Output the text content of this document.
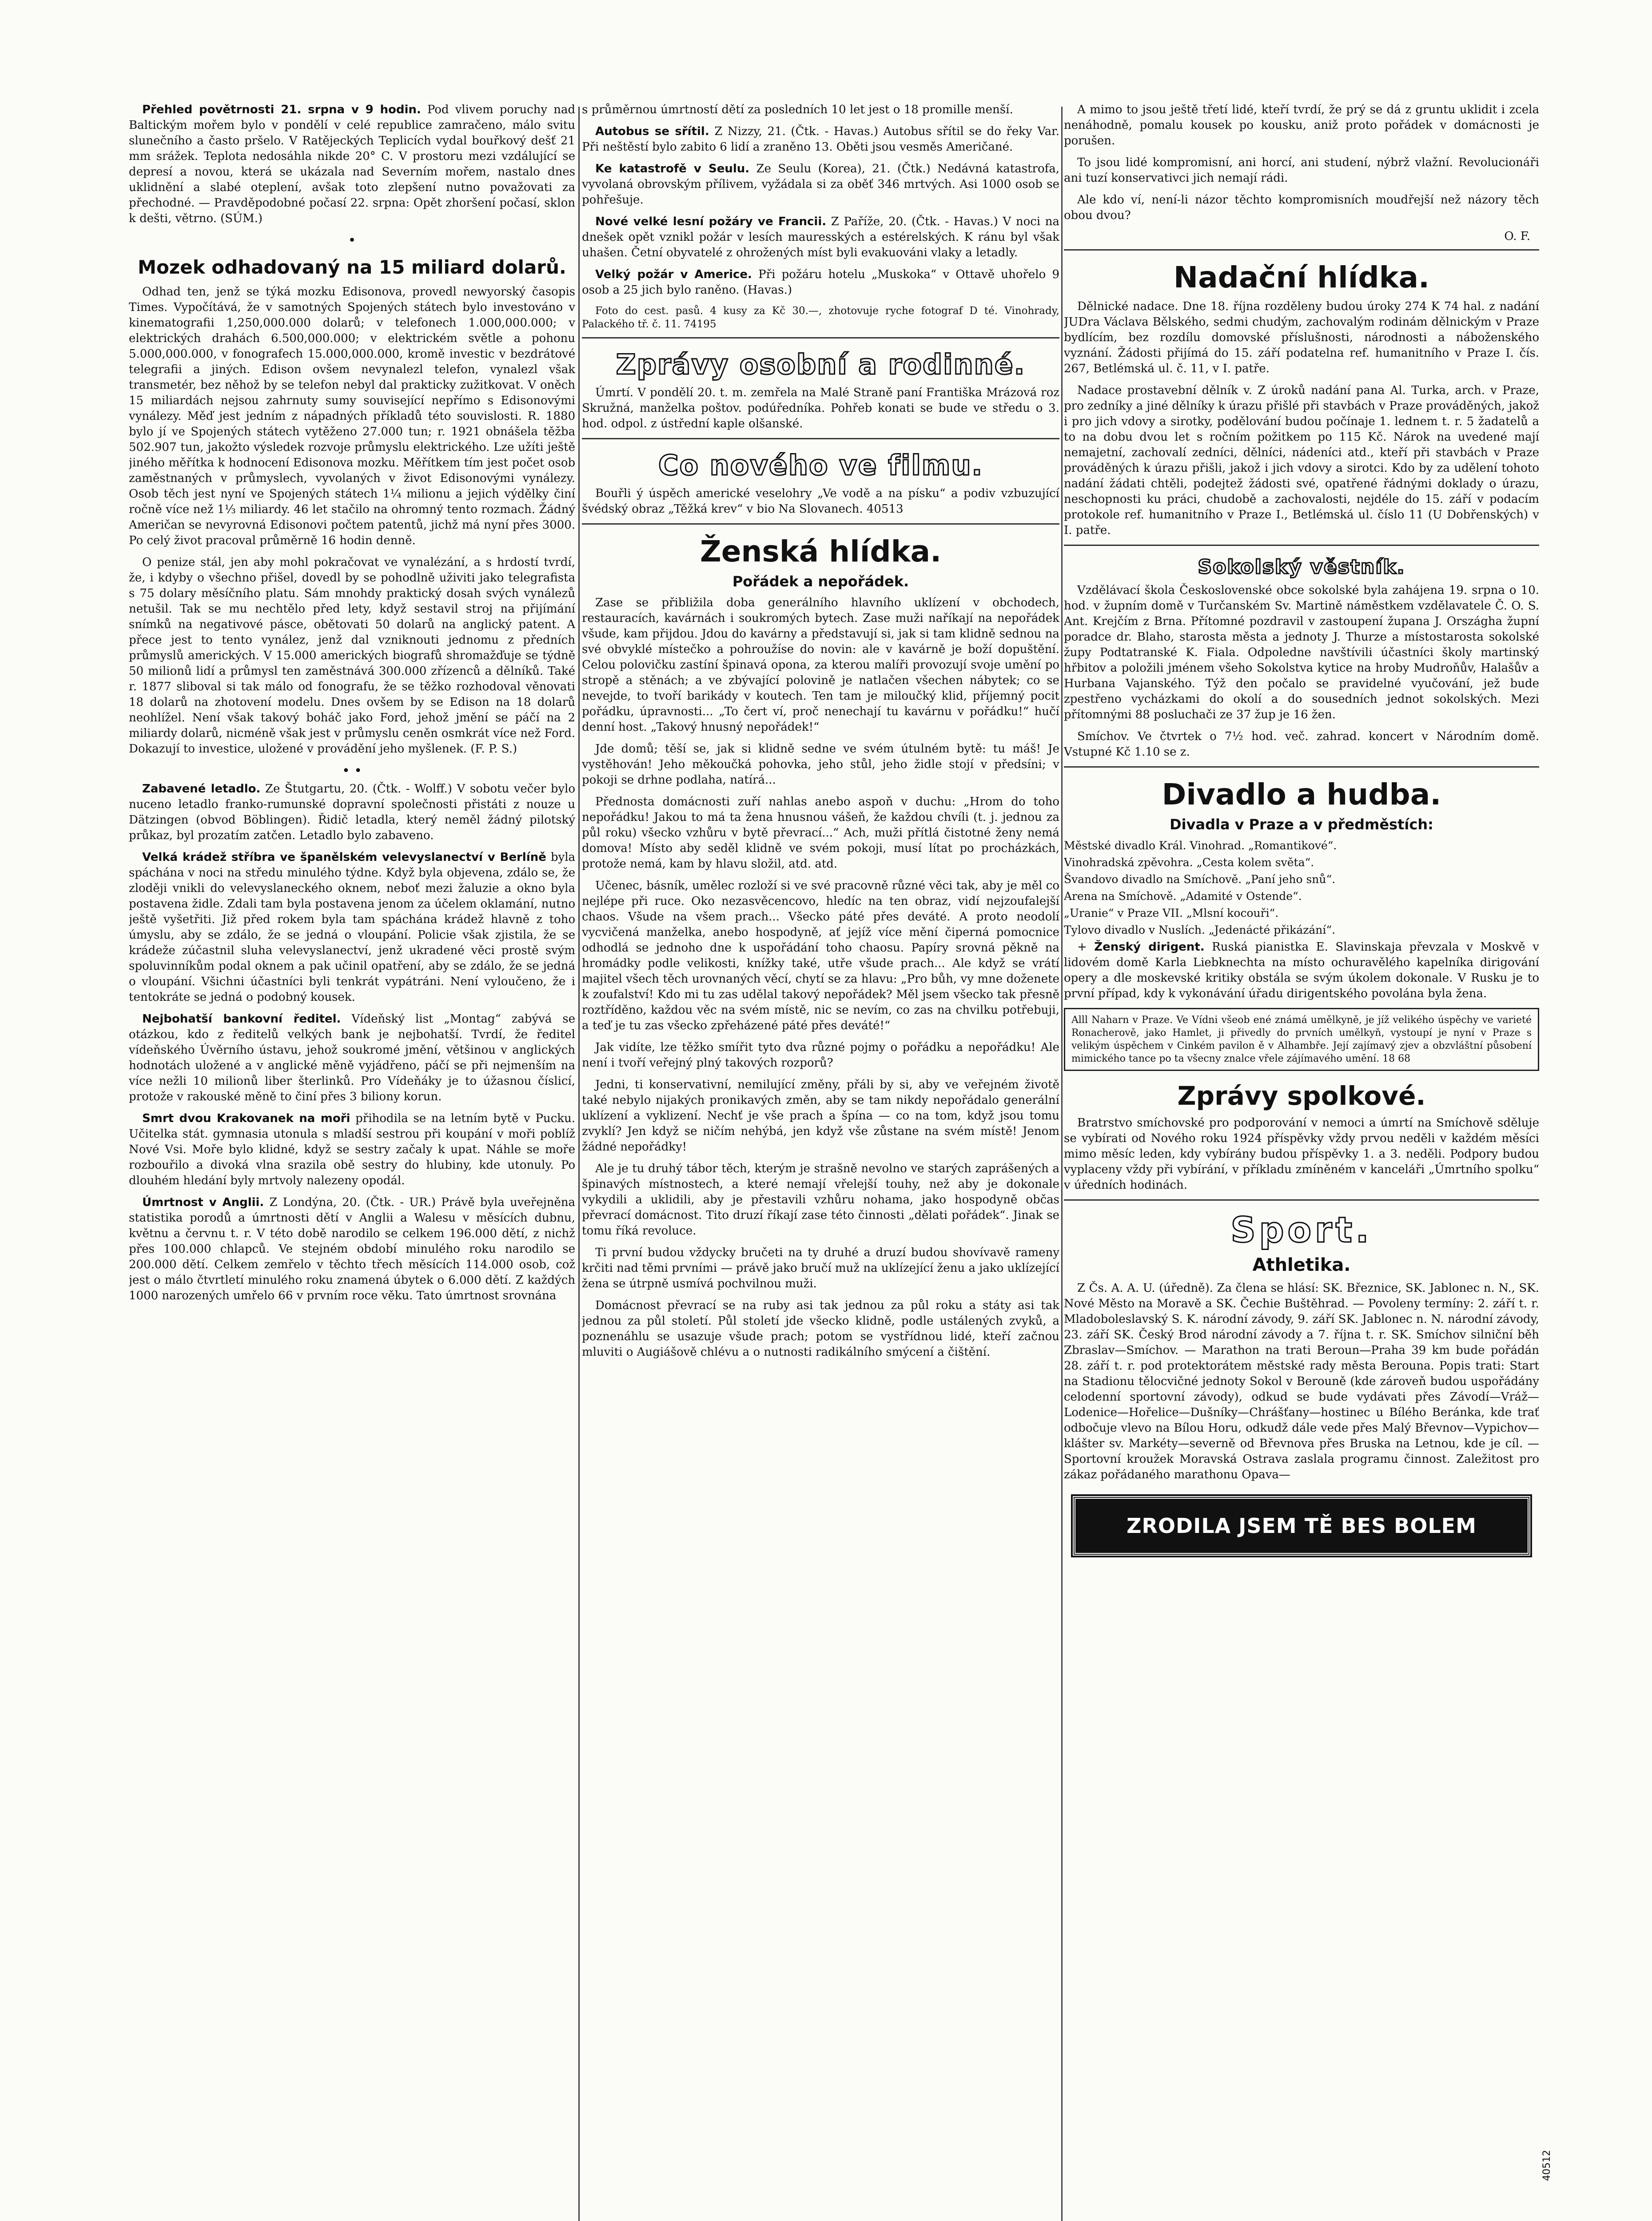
Přehled povětrnosti 21. srpna v 9 hodin. Pod vlivem poruchy nad Baltickým mořem bylo v pondělí v celé republice zamračeno, málo svitu slunečního a často pršelo. V Ratějeckých Teplicích vydal bouřkový dešť 21 mm srážek. Teplota nedosáhla nikde 20° C. V prostoru mezi vzdálující se depresí a novou, která se ukázala nad Severním mořem, nastalo dnes uklidnění a slabé oteplení, avšak toto zlepšení nutno považovati za přechodné. — Pravděpodobné počasí 22. srpna: Opět zhoršení počasí, sklon k dešti, větrno. (SÚM.)

•
Mozek odhadovaný na 15 miliard dolarů.

Odhad ten, jenž se týká mozku Edisonova, provedl newyorský časopis Times. Vypočítává, že v samotných Spojených státech bylo investováno v kinematografii 1,250,000.000 dolarů; v telefonech 1.000,000.000; v elektrických drahách 6.500,000.000; v elektrickém světle a pohonu 5.000,000.000, v fonografech 15.000,000.000, kromě investic v bezdrátové telegrafii a jiných. Edison ovšem nevynalezl telefon, vynalezl však transmetér, bez něhož by se telefon nebyl dal prakticky zužitkovat. V oněch 15 miliardách nejsou zahrnuty sumy související nepřímo s Edisonovými vynálezy. Měď jest jedním z nápadných příkladů této souvislosti. R. 1880 bylo jí ve Spojených státech vytěženo 27.000 tun; r. 1921 obnášela těžba 502.907 tun, jakožto výsledek rozvoje průmyslu elektrického. Lze užíti ještě jiného měřítka k hodnocení Edisonova mozku. Měřítkem tím jest počet osob zaměstnaných v průmyslech, vyvolaných v život Edisonovými vynálezy. Osob těch jest nyní ve Spojených státech 1¼ milionu a jejich výdělky činí ročně více než 1⅓ miliardy. 46 let stačilo na ohromný tento rozmach. Žádný Američan se nevyrovná Edisonovi počtem patentů, jichž má nyní přes 3000. Po celý život pracoval průměrně 16 hodin denně.

O penize stál, jen aby mohl pokračovat ve vynalézání, a s hrdostí tvrdí, že, i kdyby o všechno přišel, dovedl by se pohodlně uživiti jako telegrafista s 75 dolary měsíčního platu. Sám mnohdy praktický dosah svých vynálezů netušil. Tak se mu nechtělo před lety, když sestavil stroj na přijímání snímků na negativové pásce, obětovati 50 dolarů na anglický patent. A přece jest to tento vynález, jenž dal vzniknouti jednomu z předních průmyslů amerických. V 15.000 amerických biografů shromažďuje se týdně 50 milionů lidí a průmysl ten zaměstnává 300.000 zřízenců a dělníků. Také r. 1877 sliboval si tak málo od fonografu, že se těžko rozhodoval věnovati 18 dolarů na zhotovení modelu. Dnes ovšem by se Edison na 18 dolarů neohlížel. Není však takový boháč jako Ford, jehož jmění se páčí na 2 miliardy dolarů, nicméně však jest v průmyslu ceněn osmkrát více než Ford. Dokazují to investice, uložené v provádění jeho myšlenek. (F. P. S.)

• •

Zabavené letadlo. Ze Štutgartu, 20. (Čtk. - Wolff.) V sobotu večer bylo nuceno letadlo franko-rumunské dopravní společnosti přistáti z nouze u Dätzingen (obvod Böblingen). Řidič letadla, který neměl žádný pilotský průkaz, byl prozatím zatčen. Letadlo bylo zabaveno.

Velká krádež stříbra ve španělském velevyslanectví v Berlíně byla spáchána v noci na středu minulého týdne. Když byla objevena, zdálo se, že zloději vnikli do velevyslaneckého oknem, neboť mezi žaluzie a okno byla postavena židle. Zdali tam byla postavena jenom za účelem oklamání, nutno ještě vyšetřiti. Již před rokem byla tam spáchána krádež hlavně z toho úmyslu, aby se zdálo, že se jedná o vloupání. Policie však zjistila, že se krádeže zúčastnil sluha velevyslanectví, jenž ukradené věci prostě svým spoluvinníkům podal oknem a pak učinil opatření, aby se zdálo, že se jedná o vloupání. Všichni účastníci byli tenkrát vypátráni. Není vyloučeno, že i tentokráte se jedná o podobný kousek.

Nejbohatší bankovní ředitel. Vídeňský list „Montag“ zabývá se otázkou, kdo z ředitelů velkých bank je nejbohatší. Tvrdí, že ředitel vídeňského Úvěrního ústavu, jehož soukromé jmění, většinou v anglických hodnotách uložené a v anglické měně vyjádřeno, páčí se při nejmenším na více nežli 10 milionů liber šterlinků. Pro Vídeňáky je to úžasnou číslicí, protože v rakouské měně to činí přes 3 biliony korun.

Smrt dvou Krakovanek na moři přihodila se na letním bytě v Pucku. Učitelka stát. gymnasia utonula s mladší sestrou při koupání v moři poblíž Nové Vsi. Moře bylo klidné, když se sestry začaly k upat. Náhle se moře rozbouřilo a divoká vlna srazila obě sestry do hlubiny, kde utonuly. Po dlouhém hledání byly mrtvoly nalezeny opodál.

Úmrtnost v Anglii. Z Londýna, 20. (Čtk. - UR.) Právě byla uveřejněna statistika porodů a úmrtnosti dětí v Anglii a Walesu v měsících dubnu, květnu a červnu t. r. V této době narodilo se celkem 196.000 dětí, z nichž přes 100.000 chlapců. Ve stejném období minulého roku narodilo se 200.000 dětí. Celkem zemřelo v těchto třech měsících 114.000 osob, což jest o málo čtvrtletí minulého roku znamená úbytek o 6.000 dětí. Z každých 1000 narozených umřelo 66 v prvním roce věku. Tato úmrtnost srovnána

s průměrnou úmrtností dětí za posledních 10 let jest o 18 promille menší.

Autobus se sřítil. Z Nizzy, 21. (Čtk. - Havas.) Autobus sřítil se do řeky Var. Při neštěstí bylo zabito 6 lidí a zraněno 13. Oběti jsou vesměs Američané.

Ke katastrofě v Seulu. Ze Seulu (Korea), 21. (Čtk.) Nedávná katastrofa, vyvolaná obrovským přílivem, vyžádala si za oběť 346 mrtvých. Asi 1000 osob se pohřešuje.

Nové velké lesní požáry ve Francii. Z Paříže, 20. (Čtk. - Havas.) V noci na dnešek opět vznikl požár v lesích mauresských a estérelských. K ránu byl však uhašen. Četní obyvatelé z ohrožených míst byli evakuováni vlaky a letadly.

Velký požár v Americe. Při požáru hotelu „Muskoka“ v Ottavě uhořelo 9 osob a 25 jich bylo raněno. (Havas.)

Foto do cest. pasů. 4 kusy za Kč 30.—, zhotovuje ryche fotograf D té. Vinohrady, Palackého tř. č. 11. 74195

Zprávy osobní a rodinné.

Úmrtí. V pondělí 20. t. m. zemřela na Malé Straně paní Františka Mrázová roz Skružná, manželka poštov. podúředníka. Pohřeb konati se bude ve středu o 3. hod. odpol. z ústřední kaple olšanské.

Co nového ve filmu.

Bouřli ý úspěch americké veselohry „Ve vodě a na písku“ a podiv vzbuzující švédský obraz „Těžká krev“ v bio Na Slovanech. 40513

Ženská hlídka.
Pořádek a nepořádek.

Zase se přibližila doba generálního hlavního uklízení v obchodech, restauracích, kavárnách i soukromých bytech. Zase muži naříkají na nepořádek všude, kam přijdou. Jdou do kavárny a představují si, jak si tam klidně sednou na své obvyklé místečko a pohroužíse do novin: ale v kavárně je boží dopuštění. Celou polovičku zastíní špinavá opona, za kterou malíři provozují svoje umění po stropě a stěnách; a ve zbývající polovině je natlačen všechen nábytek; co se nevejde, to tvoří barikády v koutech. Ten tam je miloučký klid, příjemný pocit pořádku, úpravnosti... „To čert ví, proč nenechají tu kavárnu v pořádku!“ hučí denní host. „Takový hnusný nepořádek!“

Jde domů; těší se, jak si klidně sedne ve svém útulném bytě: tu máš! Je vystěhován! Jeho měkoučká pohovka, jeho stůl, jeho židle stojí v předsíni; v pokoji se drhne podlaha, natírá...

Přednosta domácnosti zuří nahlas anebo aspoň v duchu: „Hrom do toho nepořádku! Jakou to má ta žena hnusnou vášeň, že každou chvíli (t. j. jednou za půl roku) všecko vzhůru v bytě převrací...“ Ach, muži přítlá čistotné ženy nemá domova! Místo aby seděl klidně ve svém pokoji, musí lítat po procházkách, protože nemá, kam by hlavu složil, atd. atd.

Učenec, básník, umělec rozloží si ve své pracovně různé věci tak, aby je měl co nejlépe při ruce. Oko nezasvěcencovo, hledíc na ten obraz, vidí nejzoufalejší chaos. Všude na všem prach... Všecko páté přes deváté. A proto neodolí vycvičená manželka, anebo hospodyně, ať jejíž více mění čiperná pomocnice odhodlá se jednoho dne k uspořádání toho chaosu. Papíry srovná pěkně na hromádky podle velikosti, knížky také, utře všude prach... Ale když se vrátí majitel všech těch urovnaných věcí, chytí se za hlavu: „Pro bůh, vy mne doženete k zoufalství! Kdo mi tu zas udělal takový nepořádek? Měl jsem všecko tak přesně roztříděno, každou věc na svém místě, nic se nevím, co zas na chvilku potřebuji, a teď je tu zas všecko zpřeházené páté přes deváté!“

Jak vidíte, lze těžko smířit tyto dva různé pojmy o pořádku a nepořádku! Ale není i tvoří veřejný plný takových rozporů?

Jedni, ti konservativní, nemilující změny, přáli by si, aby ve veřejném životě také nebylo nijakých pronikavých změn, aby se tam nikdy nepořádalo generální uklízení a vyklizení. Nechť je vše prach a špína — co na tom, když jsou tomu zvyklí? Jen když se ničím nehýbá, jen když vše zůstane na svém místě! Jenom žádné nepořádky!

Ale je tu druhý tábor těch, kterým je strašně nevolno ve starých zaprášených a špinavých místnostech, a které nemají vřelejší touhy, než aby je dokonale vykydili a uklidili, aby je přestavili vzhůru nohama, jako hospodyně občas převrací domácnost. Tito druzí říkají zase této činnosti „dělati pořádek“. Jinak se tomu říká revoluce.

Ti první budou vždycky bručeti na ty druhé a druzí budou shovívavě rameny krčiti nad těmi prvními — právě jako bručí muž na uklízející ženu a jako uklízející žena se útrpně usmívá pochvilnou muži.

Domácnost převrací se na ruby asi tak jednou za půl roku a státy asi tak jednou za půl století. Půl století jde všecko klidně, podle ustálených zvyků, a poznenáhlu se usazuje všude prach; potom se vystřídnou lidé, kteří začnou mluviti o Augiášově chlévu a o nutnosti radikálního smýcení a čištění.

A mimo to jsou ještě třetí lidé, kteří tvrdí, že prý se dá z gruntu uklidit i zcela nenáhodně, pomalu kousek po kousku, aniž proto pořádek v domácnosti je porušen.

To jsou lidé kompromisní, ani horcí, ani studení, nýbrž vlažní. Revolucionáři ani tuzí konservativci jich nemají rádi.

Ale kdo ví, není-li názor těchto kompromisních moudřejší než názory těch obou dvou?

O. F.
Nadační hlídka.

Dělnické nadace. Dne 18. října rozděleny budou úroky 274 K 74 hal. z nadání JUDra Václava Bělského, sedmi chudým, zachovalým rodinám dělnickým v Praze bydlícím, bez rozdílu domovské příslušnosti, národnosti a náboženského vyznání. Žádosti přijímá do 15. září podatelna ref. humanitního v Praze I. čís. 267, Betlémská ul. č. 11, v I. patře.

Nadace prostavební dělník v. Z úroků nadání pana Al. Turka, arch. v Praze, pro zedníky a jiné dělníky k úrazu přišlé při stavbách v Praze prováděných, jakož i pro jich vdovy a sirotky, podělování budou počínaje 1. lednem t. r. 5 žadatelů a to na dobu dvou let s ročním požitkem po 115 Kč. Nárok na uvedené mají nemajetní, zachovalí zedníci, dělníci, nádeníci atd., kteří při stavbách v Praze prováděných k úrazu přišli, jakož i jich vdovy a sirotci. Kdo by za udělení tohoto nadání žádati chtěli, podejtež žádosti své, opatřené řádnými doklady o úrazu, neschopnosti ku práci, chudobě a zachovalosti, nejdéle do 15. září v podacím protokole ref. humanitního v Praze I., Betlémská ul. číslo 11 (U Dobřenských) v I. patře.

Sokolský věstník.

Vzdělávací škola Československé obce sokolské byla zahájena 19. srpna o 10. hod. v župním domě v Turčanském Sv. Martině náměstkem vzdělavatele Č. O. S. Ant. Krejčím z Brna. Přítomné pozdravil v zastoupení župana J. Országha župní poradce dr. Blaho, starosta města a jednoty J. Thurze a místostarosta sokolské župy Podtatranské K. Fiala. Odpoledne navštívili účastníci školy martinský hřbitov a položili jménem všeho Sokolstva kytice na hroby Mudroňův, Halašův a Hurbana Vajanského. Týž den počalo se pravidelné vyučování, jež bude zpestřeno vycházkami do okolí a do sousedních jednot sokolských. Mezi přítomnými 88 posluchači ze 37 žup je 16 žen.

Smíchov. Ve čtvrtek o 7½ hod. več. zahrad. koncert v Národním domě. Vstupné Kč 1.10 se z.

Divadlo a hudba.
Divadla v Praze a v předměstích:

Městské divadlo Král. Vinohrad. „Romantikové“.

Vinohradská zpěvohra. „Cesta kolem světa“.

Švandovo divadlo na Smíchově. „Paní jeho snů“.

Arena na Smíchově. „Adamité v Ostende“.

„Uranie“ v Praze VII. „Mlsní kocouři“.

Tylovo divadlo v Nuslích. „Jedenácté přikázání“.

+ Ženský dirigent. Ruská pianistka E. Slavinskaja převzala v Moskvě v lidovém domě Karla Liebknechta na místo ochuravělého kapelníka dirigování opery a dle moskevské kritiky obstála se svým úkolem dokonale. V Rusku je to první případ, kdy k vykonávání úřadu dirigentského povolána byla žena.

Alll Naharn v Praze. Ve Vídni všeob ené známá umělkyně, je jíž velikého úspěchy ve varieté Ronacherově, jako Hamlet, ji přivedly do prvních umělkyň, vystoupí je nyní v Praze s velikým úspěchem v Cinkém pavilon ě v Alhambře. Její zajímavý zjev a obzvláštní působení mimického tance po ta všecny znalce vřele zájímavého umění. 18 68

Zprávy spolkové.

Bratrstvo smíchovské pro podporování v nemoci a úmrtí na Smíchově sděluje se vybírati od Nového roku 1924 příspěvky vždy prvou neděli v každém měsíci mimo měsíc leden, kdy vybírány budou příspěvky 1. a 3. neděli. Podpory budou vyplaceny vždy při vybírání, v příkladu zmíněném v kanceláři „Úmrtního spolku“ v úředních hodinách.

Sport.
Athletika.

Z Čs. A. A. U. (úředně). Za člena se hlásí: SK. Březnice, SK. Jablonec n. N., SK. Nové Město na Moravě a SK. Čechie Buštěhrad. — Povoleny termíny: 2. září t. r. Mladoboleslavský S. K. národní závody, 9. září SK. Jablonec n. N. národní závody, 23. září SK. Český Brod národní závody a 7. října t. r. SK. Smíchov silniční běh Zbraslav—Smíchov. — Marathon na trati Beroun—Praha 39 km bude pořádán 28. září t. r. pod protektorátem městské rady města Berouna. Popis trati: Start na Stadionu tělocvičné jednoty Sokol v Berouně (kde zároveň budou uspořádány celodenní sportovní závody), odkud se bude vydávati přes Závodí—Vráž—Lodenice—Hořelice—Dušníky—Chrášťany—hostinec u Bílého Beránka, kde trať odbočuje vlevo na Bílou Horu, odkudž dále vede přes Malý Břevnov—Vypichov—klášter sv. Markéty—severně od Břevnova přes Bruska na Letnou, kde je cíl. — Sportovní kroužek Moravská Ostrava zaslala programu činnost. Zaležitost pro zákaz pořádaného marathonu Opava—

ZRODILA JSEM TĚ BES BOLEM
40512
